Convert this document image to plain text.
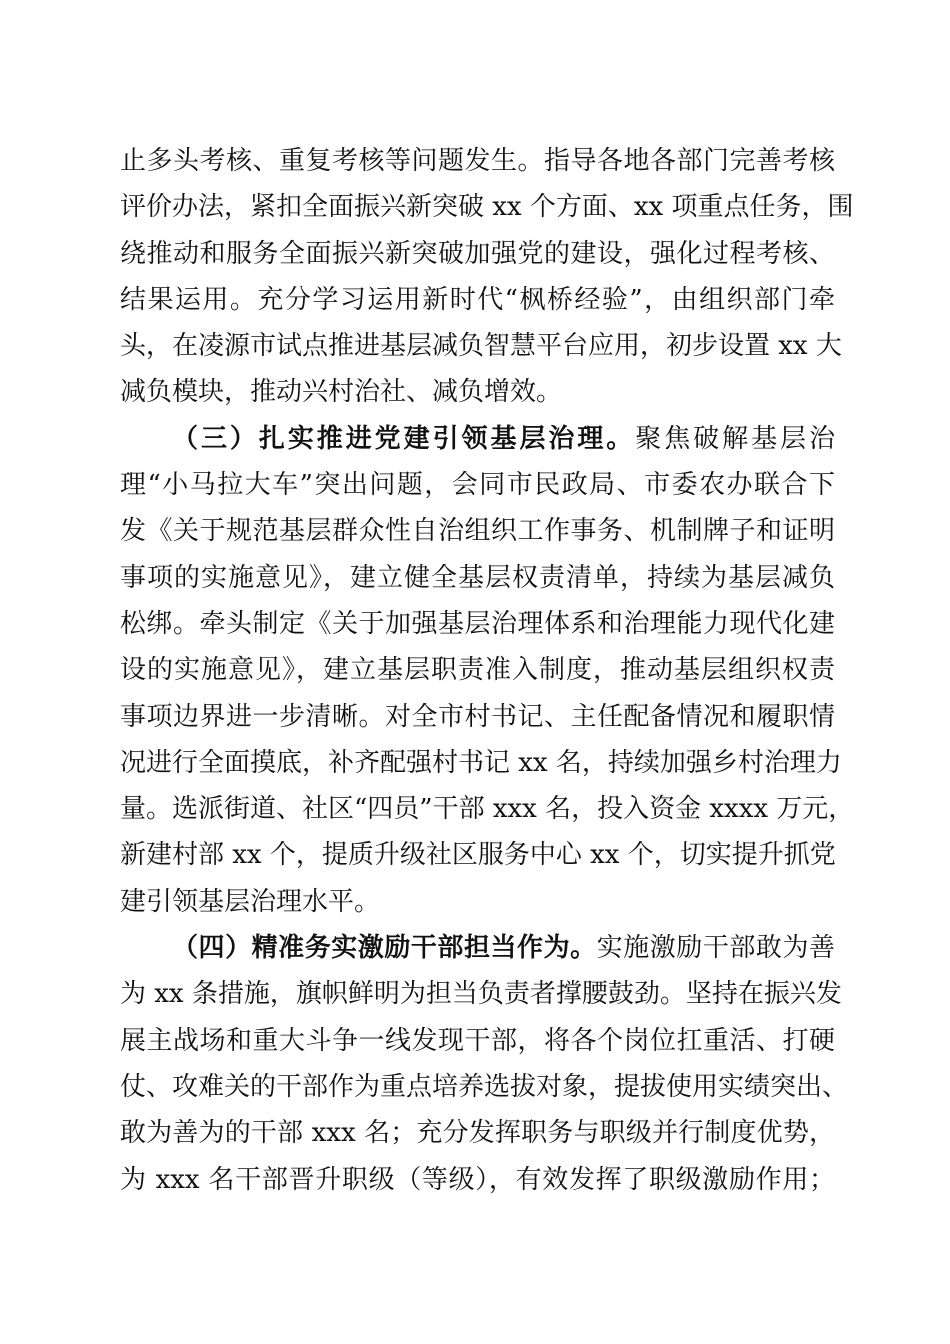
止多头考核、重复考核等问题发生。指导各地各部门完善考核
评价办法，紧扣全面振兴新突破 xx 个方面、xx 项重点任务，围
绕推动和服务全面振兴新突破加强党的建设，强化过程考核、
结果运用。充分学习运用新时代“枫桥经验”，由组织部门牵
头，在凌源市试点推进基层减负智慧平台应用，初步设置 xx 大
减负模块，推动兴村治社、减负增效。
（三）扎实推进党建引领基层治理。聚焦破解基层治
理“小马拉大车”突出问题，会同市民政局、市委农办联合下
发《关于规范基层群众性自治组织工作事务、机制牌子和证明
事项的实施意见》，建立健全基层权责清单，持续为基层减负
松绑。牵头制定《关于加强基层治理体系和治理能力现代化建
设的实施意见》，建立基层职责准入制度，推动基层组织权责
事项边界进一步清晰。对全市村书记、主任配备情况和履职情
况进行全面摸底，补齐配强村书记 xx 名，持续加强乡村治理力
量。选派街道、社区“四员”干部 xxx 名，投入资金 xxxx 万元，
新建村部 xx 个，提质升级社区服务中心 xx 个，切实提升抓党
建引领基层治理水平。
（四）精准务实激励干部担当作为。实施激励干部敢为善
为 xx 条措施，旗帜鲜明为担当负责者撑腰鼓劲。坚持在振兴发
展主战场和重大斗争一线发现干部，将各个岗位扛重活、打硬
仗、攻难关的干部作为重点培养选拔对象，提拔使用实绩突出、
敢为善为的干部 xxx 名；充分发挥职务与职级并行制度优势，
为 xxx 名干部晋升职级（等级），有效发挥了职级激励作用；
